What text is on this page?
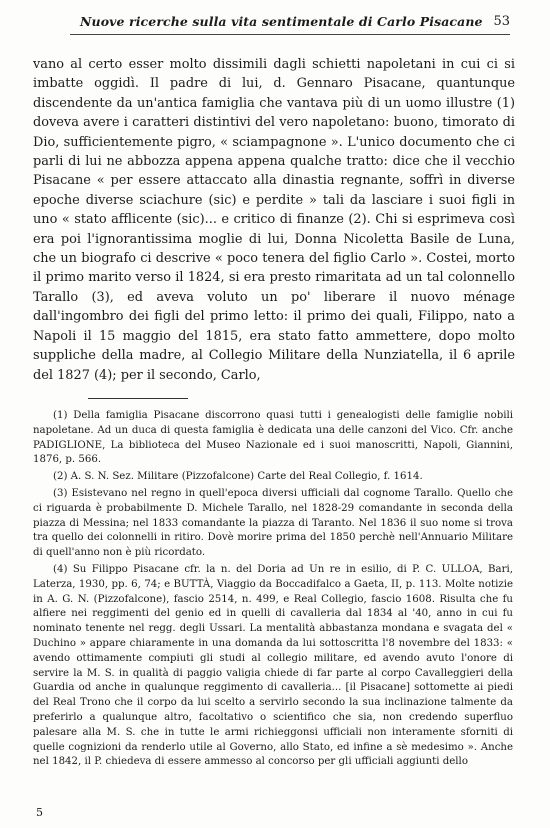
Nuove ricerche sulla vita sentimentale di Carlo Pisacane 53

vano al certo esser molto dissimili dagli schietti napoletani in cui ci si imbatte oggidì. Il padre di lui, d. Gennaro Pisacane, quantunque discendente da un'antica famiglia che vantava più di un uomo illustre (1) doveva avere i caratteri distintivi del vero napoletano: buono, timorato di Dio, sufficientemente pigro, « sciampagnone ». L'unico documento che ci parli di lui ne abbozza appena appena qualche tratto: dice che il vecchio Pisacane « per essere attaccato alla dinastia regnante, soffrì in diverse epoche diverse sciachure (sic) e perdite » tali da lasciare i suoi figli in uno « stato afflicente (sic)... e critico di finanze (2). Chi si esprimeva così era poi l'ignorantissima moglie di lui, Donna Nicoletta Basile de Luna, che un biografo ci descrive « poco tenera del figlio Carlo ». Costei, morto il primo marito verso il 1824, si era presto rimaritata ad un tal colonnello Tarallo (3), ed aveva voluto un po' liberare il nuovo ménage dall'ingombro dei figli del primo letto: il primo dei quali, Filippo, nato a Napoli il 15 maggio del 1815, era stato fatto ammettere, dopo molto suppliche della madre, al Collegio Militare della Nunziatella, il 6 aprile del 1827 (4); per il secondo, Carlo,

(1) Della famiglia Pisacane discorrono quasi tutti i genealogisti delle famiglie nobili napoletane. Ad un duca di questa famiglia è dedicata una delle canzoni del Vico. Cfr. anche PADIGLIONE, La biblioteca del Museo Nazionale ed i suoi manoscritti, Napoli, Giannini, 1876, p. 566.

(2) A. S. N. Sez. Militare (Pizzofalcone) Carte del Real Collegio, f. 1614.

(3) Esistevano nel regno in quell'epoca diversi ufficiali dal cognome Tarallo. Quello che ci riguarda è probabilmente D. Michele Tarallo, nel 1828-29 comandante in seconda della piazza di Messina; nel 1833 comandante la piazza di Taranto. Nel 1836 il suo nome si trova tra quello dei colonnelli in ritiro. Dovè morire prima del 1850 perchè nell'Annuario Militare di quell'anno non è più ricordato.

(4) Su Filippo Pisacane cfr. la n. del Doria ad Un re in esilio, di P. C. ULLOA, Bari, Laterza, 1930, pp. 6, 74; e BUTTÀ, Viaggio da Boccadifalco a Gaeta, II, p. 113. Molte notizie in A. G. N. (Pizzofalcone), fascio 2514, n. 499, e Real Collegio, fascio 1608. Risulta che fu alfiere nei reggimenti del genio ed in quelli di cavalleria dal 1834 al '40, anno in cui fu nominato tenente nel regg. degli Ussari. La mentalità abbastanza mondana e svagata del « Duchino » appare chiaramente in una domanda da lui sottoscritta l'8 novembre del 1833: « avendo ottimamente compiuti gli studi al collegio militare, ed avendo avuto l'onore di servire la M. S. in qualità di paggio valigia chiede di far parte al corpo Cavalleggieri della Guardia od anche in qualunque reggimento di cavalleria... [il Pisacane] sottomette ai piedi del Real Trono che il corpo da lui scelto a servirlo secondo la sua inclinazione talmente da preferirlo a qualunque altro, facoltativo o scientifico che sia, non credendo superfluo palesare alla M. S. che in tutte le armi richieggonsi ufficiali non interamente sforniti di quelle cognizioni da renderlo utile al Governo, allo Stato, ed infine a sè medesimo ». Anche nel 1842, il P. chiedeva di essere ammesso al concorso per gli ufficiali aggiunti dello

5
